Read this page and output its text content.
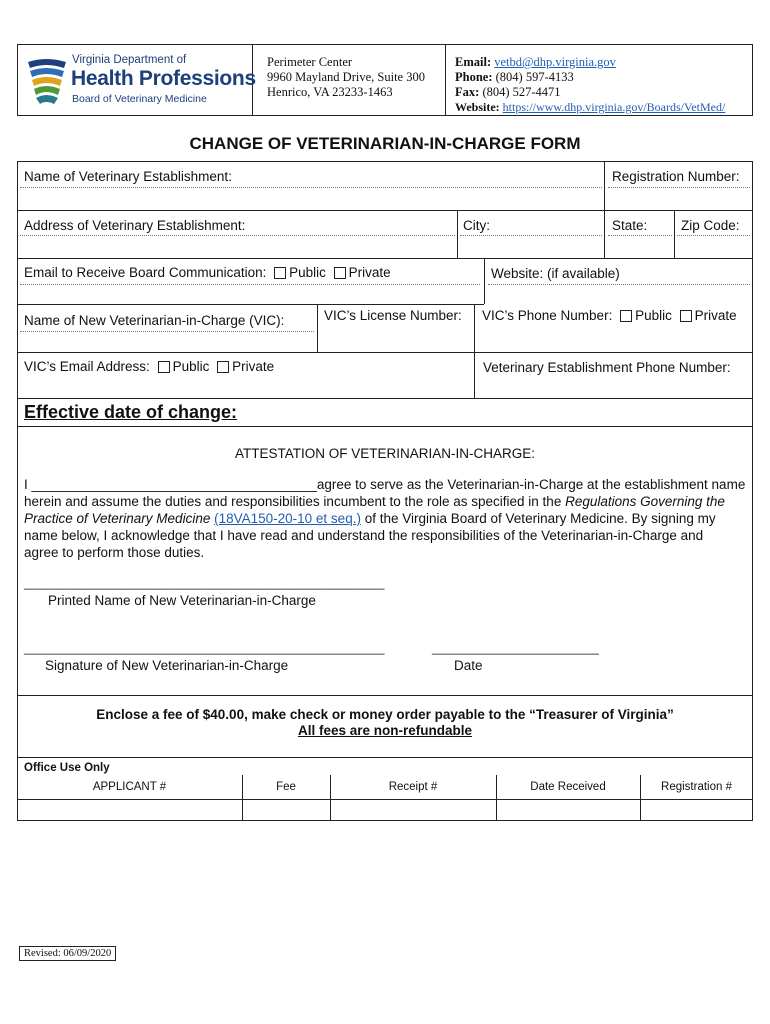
Virginia Department of
Health Professions
Board of Veterinary Medicine
Perimeter Center
9960 Mayland Drive, Suite 300
Henrico, VA 23233-1463
Email: vetbd@dhp.virginia.gov
Phone: (804) 597-4133
Fax: (804) 527-4471
Website: https://www.dhp.virginia.gov/Boards/VetMed/
CHANGE OF VETERINARIAN-IN-CHARGE FORM
Name of Veterinary Establishment:	Registration Number:
Address of Veterinary Establishment:	City:	State: Zip Code:
Email to Receive Board Communication: Public Private	Website: (if available)
Name of New Veterinarian-in-Charge (VIC):	VIC’s License Number: VIC’s Phone Number: Public Private
VIC’s Email Address: Public Private	Veterinary Establishment Phone Number:
Effective date of change:
ATTESTATION OF VETERINARIAN-IN-CHARGE:
I ______________________________________agree to serve as the Veterinarian-in-Charge at the establishment name
herein and assume the duties and responsibilities incumbent to the role as specified in the Regulations Governing the
Practice of Veterinary Medicine (18VA150-20-10 et seq.) of the Virginia Board of Veterinary Medicine. By signing my
name below, I acknowledge that I have read and understand the responsibilities of the Veterinarian-in-Charge and
agree to perform those duties.
______________________________________________________
Printed Name of New Veterinarian-in-Charge
______________________________________________________
Signature of New Veterinarian-in-Charge
_________________________
Date
Enclose a fee of $40.00, make check or money order payable to the “Treasurer of Virginia”
All fees are non-refundable
Office Use Only
APPLICANT #	Fee	Receipt #	Date Received	Registration #
Revised: 06/09/2020
